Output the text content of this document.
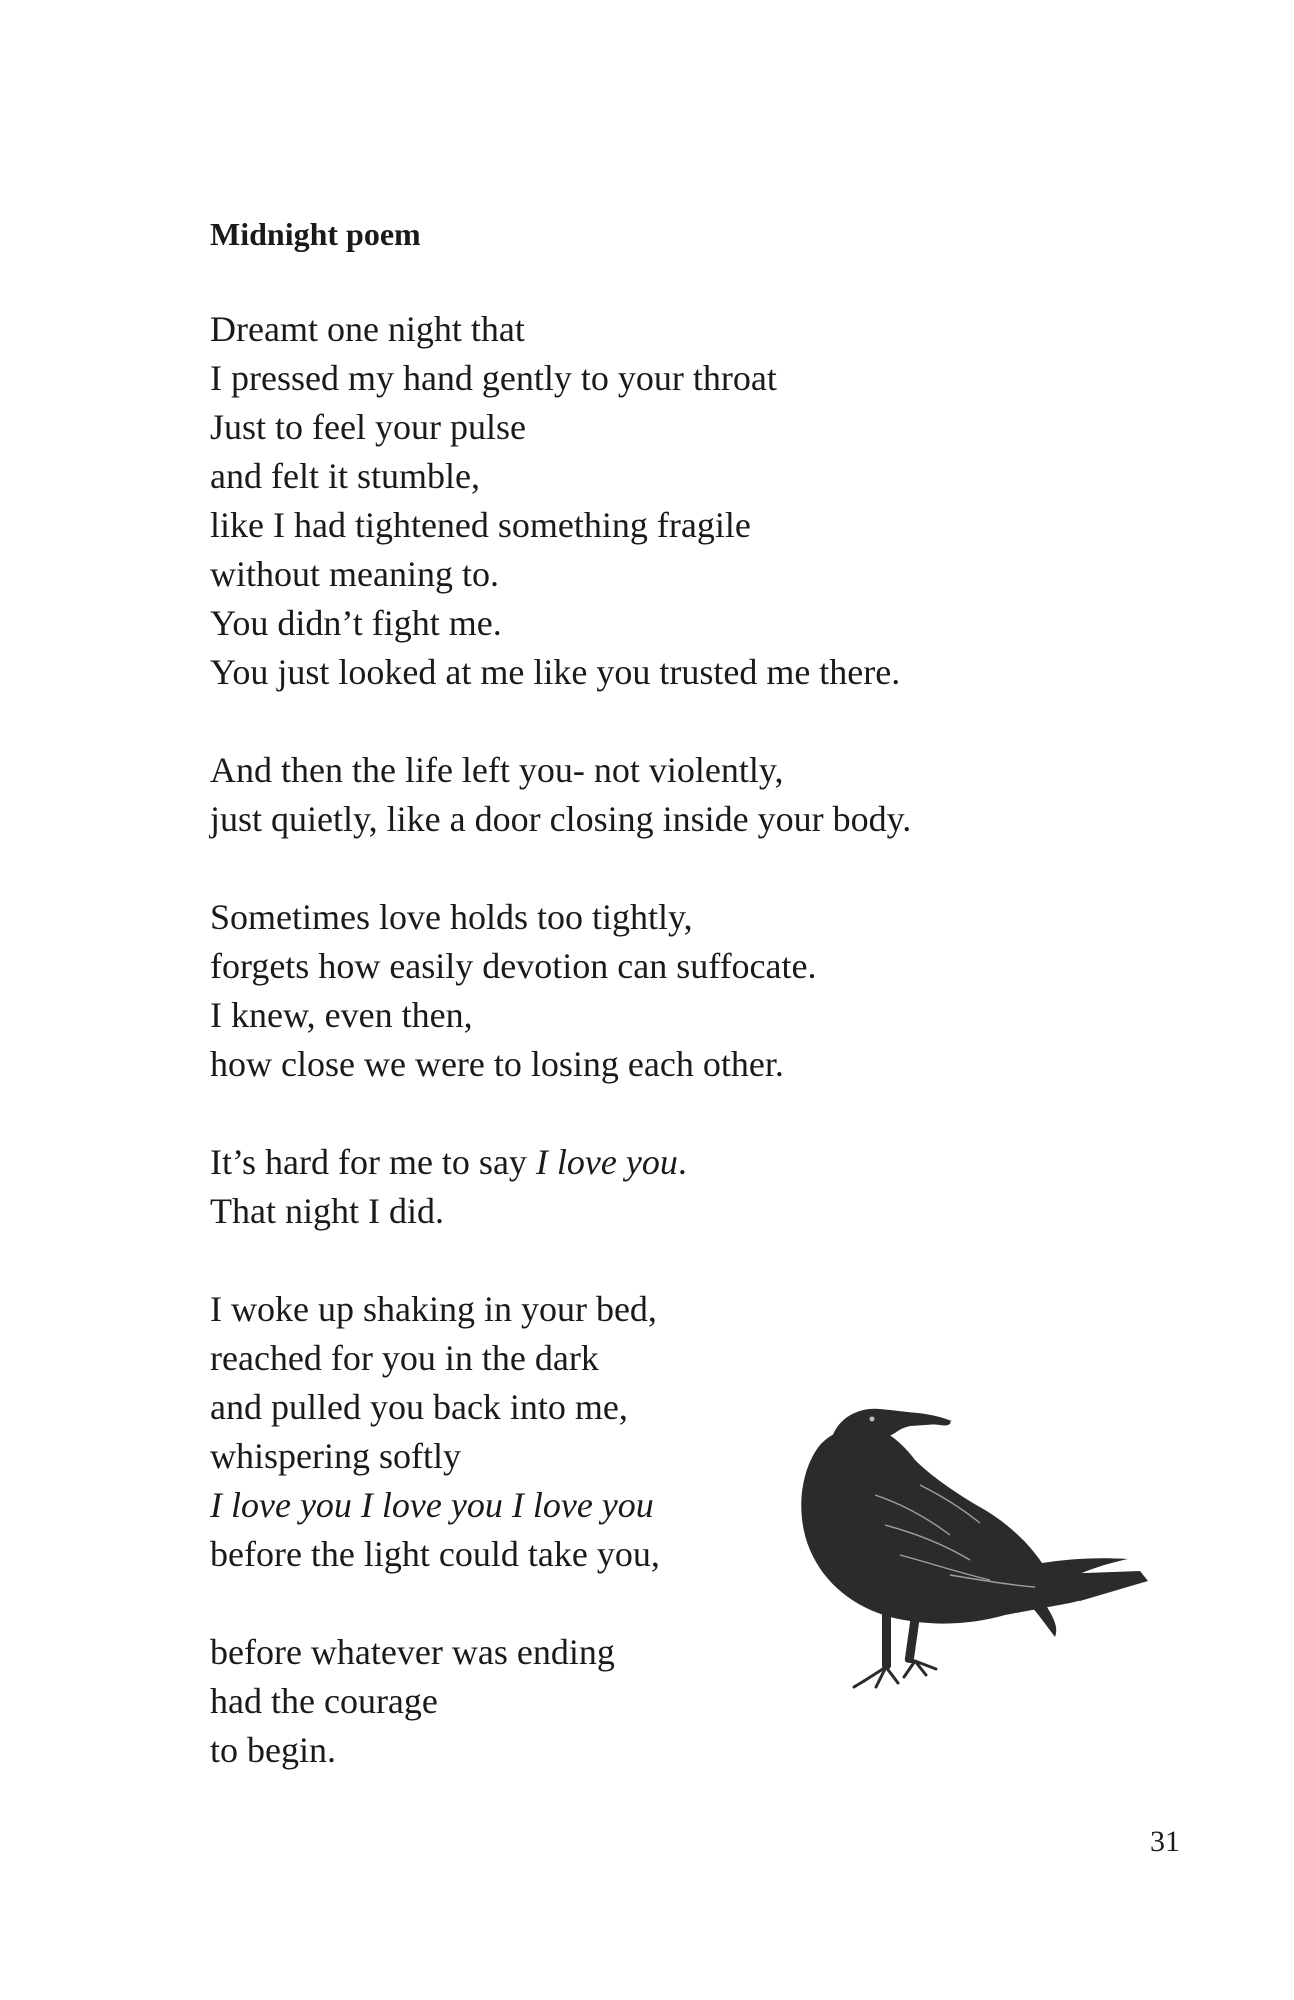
Midnight poem
Dreamt one night that
I pressed my hand gently to your throat
Just to feel your pulse
and felt it stumble,
like I had tightened something fragile
without meaning to.
You didn’t fight me.
You just looked at me like you trusted me there.
And then the life left you- not violently,
just quietly, like a door closing inside your body.
Sometimes love holds too tightly,
forgets how easily devotion can suffocate.
I knew, even then,
how close we were to losing each other.
It’s hard for me to say I love you.
That night I did.
I woke up shaking in your bed,
reached for you in the dark
and pulled you back into me,
whispering softly
I love you I love you I love you
before the light could take you,
before whatever was ending
had the courage
to begin.
31
